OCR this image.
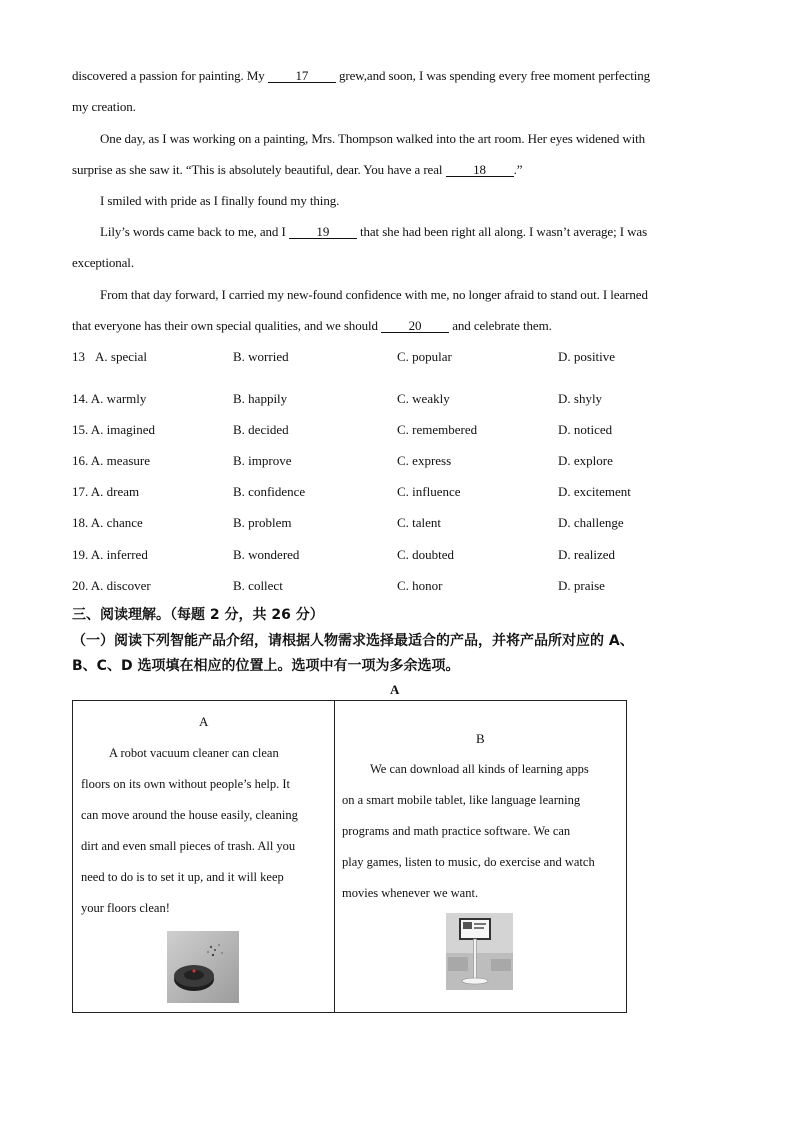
discovered a passion for painting. My 17 grew,and soon, I was spending every free moment perfecting
my creation.
One day, as I was working on a painting, Mrs. Thompson walked into the art room. Her eyes widened with
surprise as she saw it. “This is absolutely beautiful, dear. You have a real 18 .”
I smiled with pride as I finally found my thing.
Lily’s words came back to me, and I 19 that she had been right all along. I wasn’t average; I was
exceptional.
From that day forward, I carried my new-found confidence with me, no longer afraid to stand out. I learned
that everyone has their own special qualities, and we should 20 and celebrate them.
13 A. special	B. worried	C. popular	D. positive
14. A. warmly	B. happily	C. weakly	D. shyly
15. A. imagined	B. decided	C. remembered	D. noticed
16. A. measure	B. improve	C. express	D. explore
17. A. dream	B. confidence	C. influence	D. excitement
18. A. chance	B. problem	C. talent	D. challenge
19. A. inferred	B. wondered	C. doubted	D. realized
20. A. discover	B. collect	C. honor	D. praise
三、阅读理解。（每题 2 分，共 26 分）
（一）阅读下列智能产品介绍，请根据人物需求选择最适合的产品，并将产品所对应的 A、
B、C、D 选项填在相应的位置上。选项中有一项为多余选项。
A
A
A robot vacuum cleaner can clean
floors on its own without people’s help. It
can move around the house easily, cleaning
dirt and even small pieces of trash. All you
need to do is to set it up, and it will keep
your floors clean!

B
We can download all kinds of learning apps
on a smart mobile tablet, like language learning
programs and math practice software. We can
play games, listen to music, do exercise and watch
movies whenever we want.
